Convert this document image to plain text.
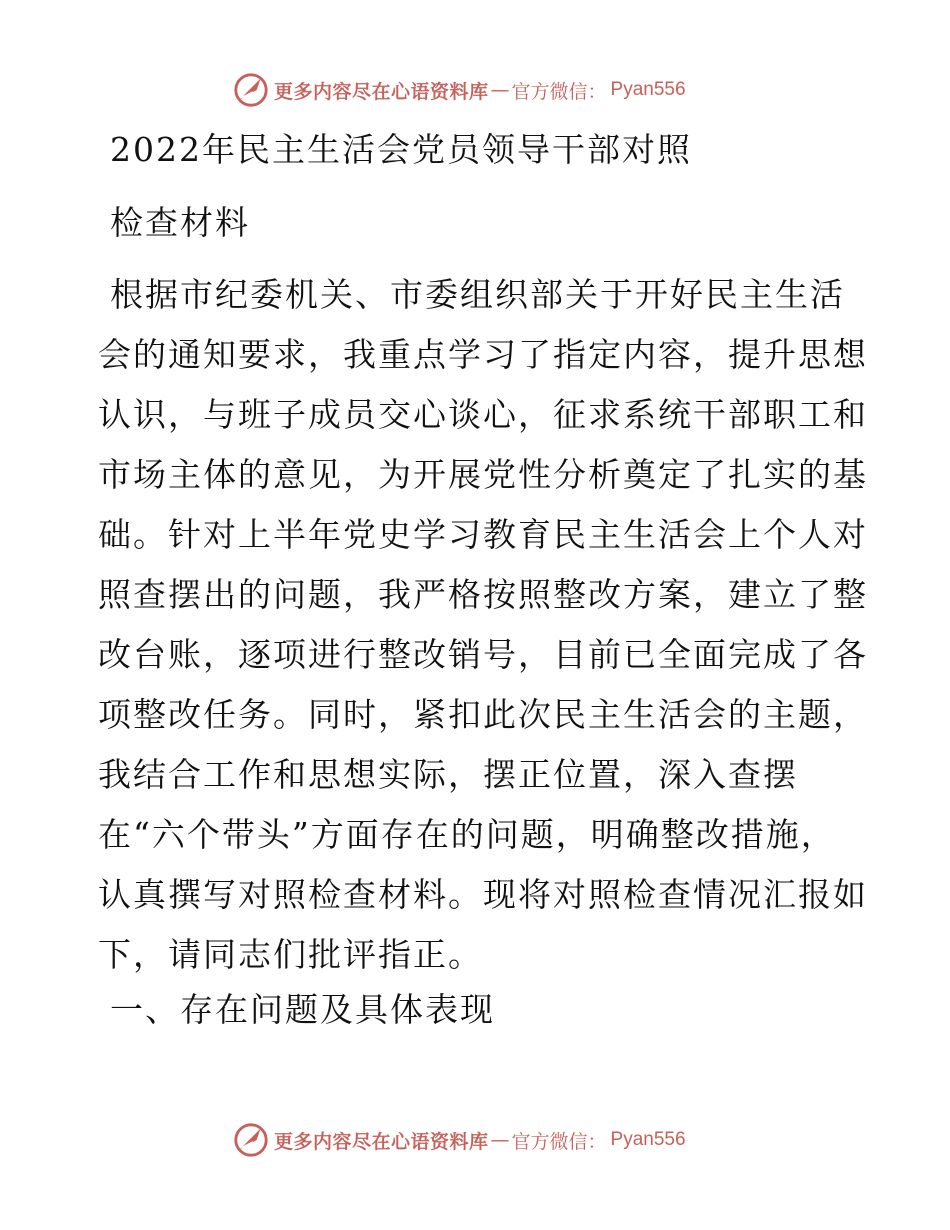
更多内容尽在心语资料库 — 官方微信： Pyan556
2022年民主生活会党员领导干部对照
检查材料
根据市纪委机关、市委组织部关于开好民主生活
会的通知要求，我重点学习了指定内容，提升思想
认识，与班子成员交心谈心，征求系统干部职工和
市场主体的意见，为开展党性分析奠定了扎实的基
础。针对上半年党史学习教育民主生活会上个人对
照查摆出的问题，我严格按照整改方案，建立了整
改台账，逐项进行整改销号，目前已全面完成了各
项整改任务。同时，紧扣此次民主生活会的主题，
我结合工作和思想实际，摆正位置，深入查摆
在“六个带头”方面存在的问题，明确整改措施，
认真撰写对照检查材料。现将对照检查情况汇报如
下，请同志们批评指正。
一、存在问题及具体表现
更多内容尽在心语资料库 — 官方微信： Pyan556
